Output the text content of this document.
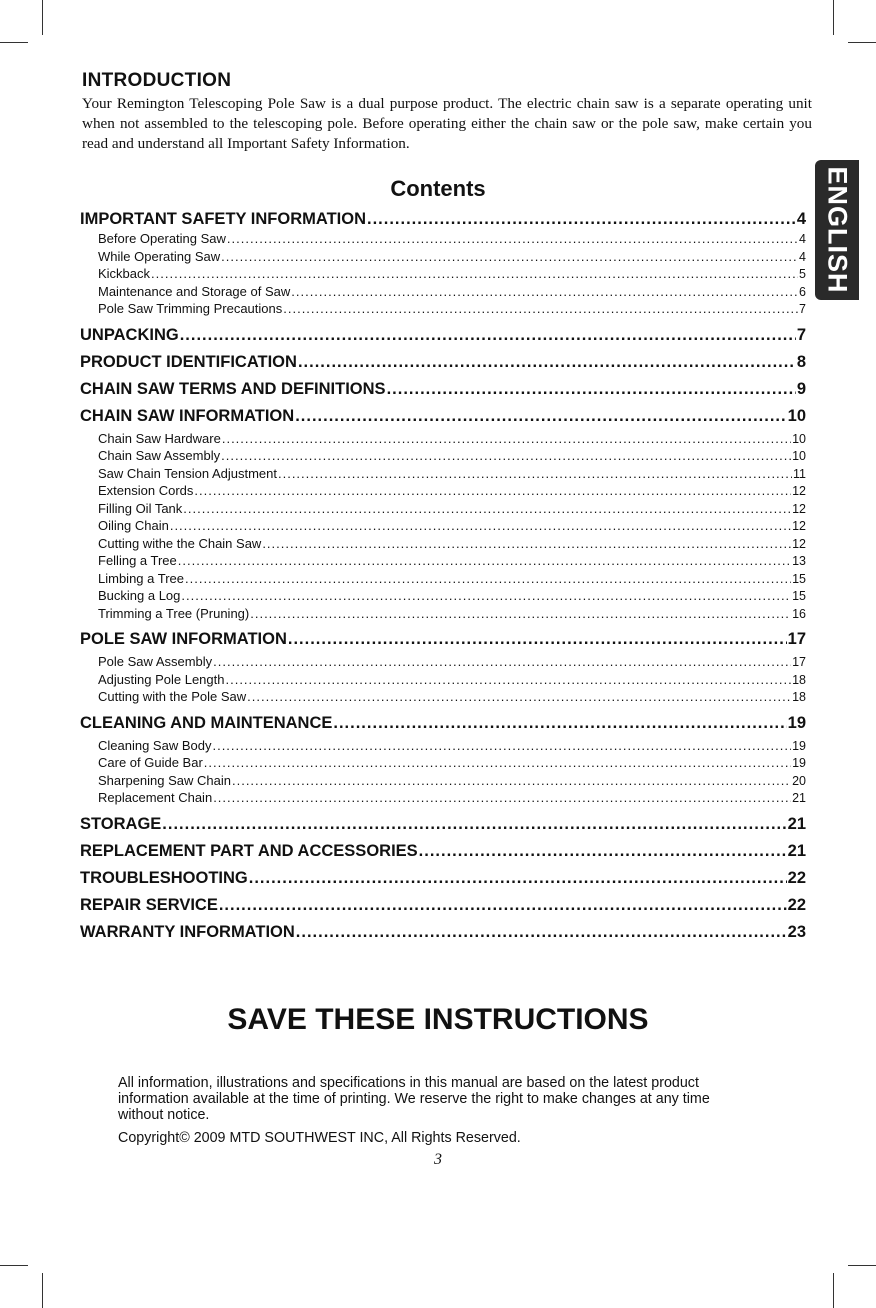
INTRODUCTION
Your Remington Telescoping Pole Saw is a dual purpose product. The electric chain saw is a separate operating unit when not assembled to the telescoping pole. Before operating either the chain saw or the pole saw, make certain you read and understand all Important Safety Information.
Contents	ENGLISH
IMPORTANT SAFETY INFORMATION .....	4
Before Operating Saw .....	4
While Operating Saw .....	4
Kickback .....	5
Maintenance and Storage of Saw .....	6
Pole Saw Trimming Precautions .....	7
UNPACKING .....	7
PRODUCT IDENTIFICATION .....	8
CHAIN SAW TERMS AND DEFINITIONS .....	9
CHAIN SAW INFORMATION .....	10
Chain Saw Hardware .....	10
Chain Saw Assembly .....	10
Saw Chain Tension Adjustment .....	11
Extension Cords .....	12
Filling Oil Tank .....	12
Oiling Chain .....	12
Cutting withe the Chain Saw .....	12
Felling a Tree .....	13
Limbing a Tree .....	15
Bucking a Log .....	15
Trimming a Tree (Pruning) .....	16
POLE SAW INFORMATION .....	17
Pole Saw Assembly .....	17
Adjusting Pole Length .....	18
Cutting with the Pole Saw .....	18
CLEANING AND MAINTENANCE .....	19
Cleaning Saw Body .....	19
Care of Guide Bar .....	19
Sharpening Saw Chain .....	20
Replacement Chain .....	21
STORAGE .....	21
REPLACEMENT PART AND ACCESSORIES .....	21
TROUBLESHOOTING .....	22
REPAIR SERVICE .....	22
WARRANTY INFORMATION .....	23
SAVE THESE INSTRUCTIONS
All information, illustrations and specifications in this manual are based on the latest product information available at the time of printing. We reserve the right to make changes at any time without notice.
Copyright© 2009 MTD SOUTHWEST INC, All Rights Reserved.
3
